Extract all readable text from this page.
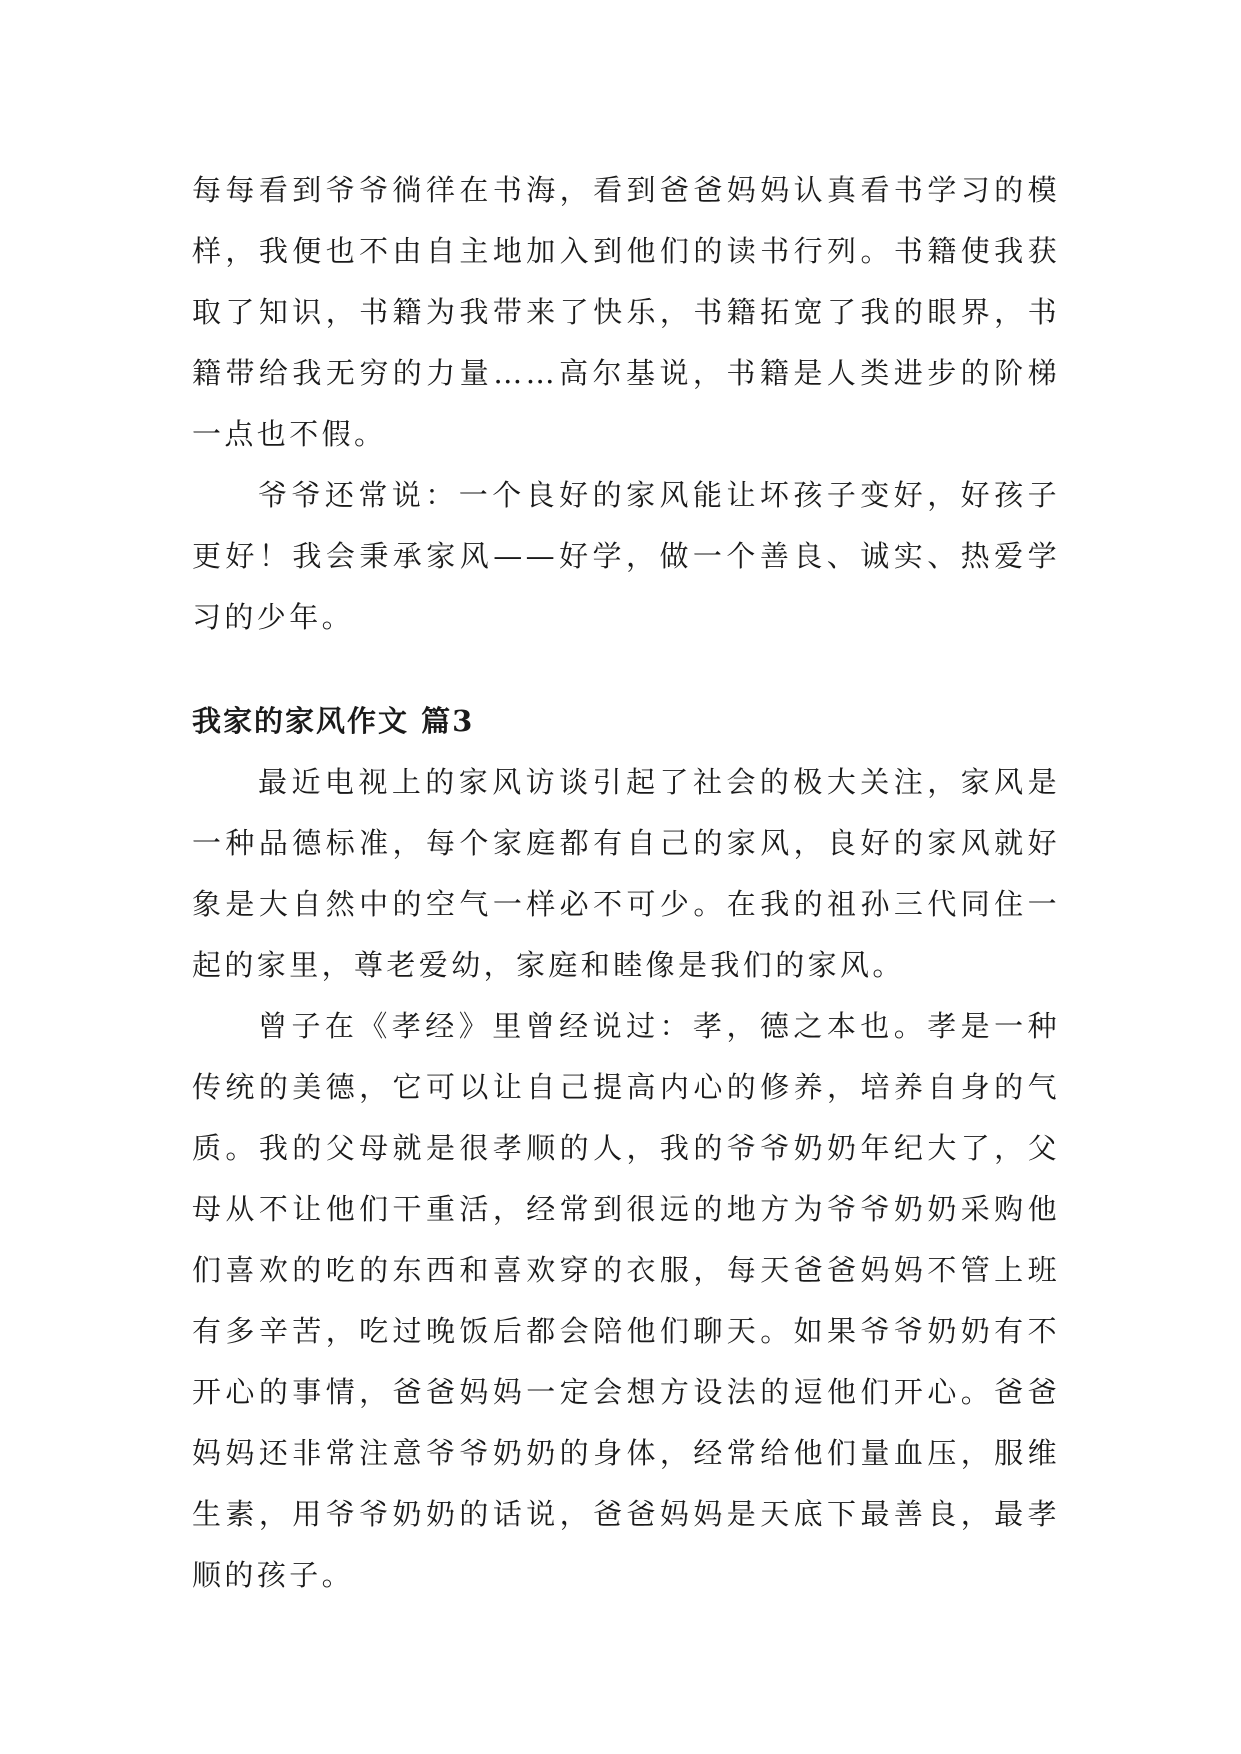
每每看到爷爷徜徉在书海，看到爸爸妈妈认真看书学习的模样，我便也不由自主地加入到他们的读书行列。书籍使我获取了知识，书籍为我带来了快乐，书籍拓宽了我的眼界，书籍带给我无穷的力量……高尔基说，书籍是人类进步的阶梯一点也不假。

爷爷还常说：一个良好的家风能让坏孩子变好，好孩子更好！我会秉承家风——好学，做一个善良、诚实、热爱学习的少年。

我家的家风作文 篇3

最近电视上的家风访谈引起了社会的极大关注，家风是一种品德标准，每个家庭都有自己的家风，良好的家风就好象是大自然中的空气一样必不可少。在我的祖孙三代同住一起的家里，尊老爱幼，家庭和睦像是我们的家风。

曾子在《孝经》里曾经说过：孝，德之本也。孝是一种传统的美德，它可以让自己提高内心的修养，培养自身的气质。我的父母就是很孝顺的人，我的爷爷奶奶年纪大了，父母从不让他们干重活，经常到很远的地方为爷爷奶奶采购他们喜欢的吃的东西和喜欢穿的衣服，每天爸爸妈妈不管上班有多辛苦，吃过晚饭后都会陪他们聊天。如果爷爷奶奶有不开心的事情，爸爸妈妈一定会想方设法的逗他们开心。爸爸妈妈还非常注意爷爷奶奶的身体，经常给他们量血压，服维生素，用爷爷奶奶的话说，爸爸妈妈是天底下最善良，最孝顺的孩子。
